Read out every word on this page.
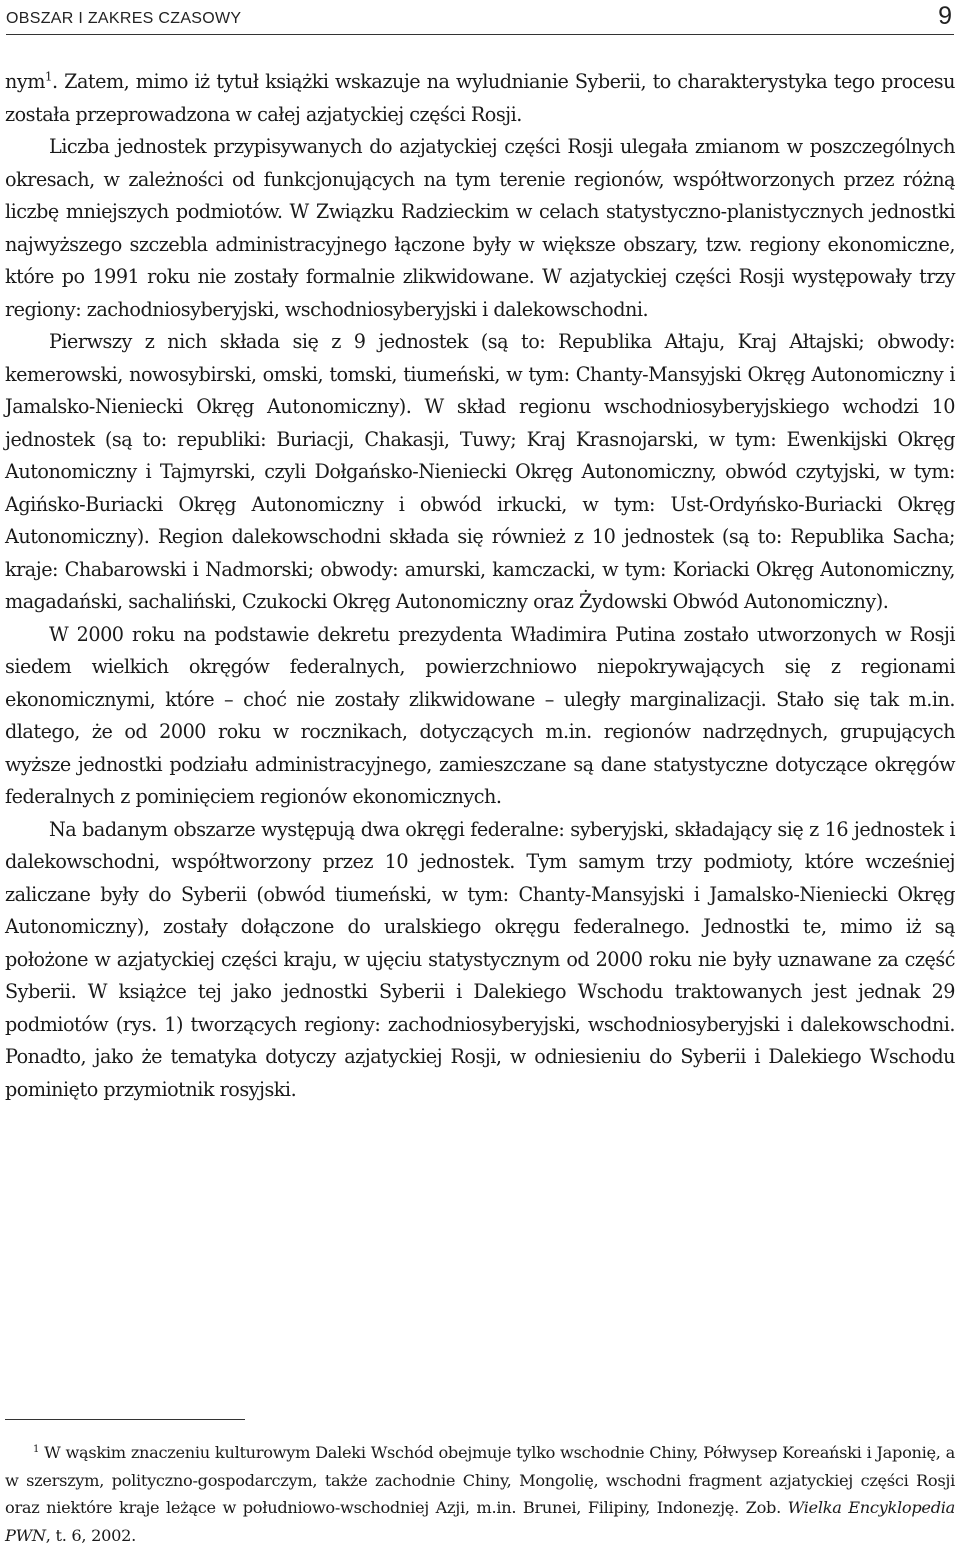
OBSZAR I ZAKRES CZASOWY	9

nym$^1$. Zatem, mimo iż tytuł książki wskazuje na wyludnianie Syberii, to charakterystyka tego procesu została przeprowadzona w całej azjatyckiej części Rosji.

Liczba jednostek przypisywanych do azjatyckiej części Rosji ulegała zmianom w poszczególnych okresach, w zależności od funkcjonujących na tym terenie regionów, współtworzonych przez różną liczbę mniejszych podmiotów. W Związku Radzieckim w celach statystyczno-planistycznych jednostki najwyższego szczebla administracyjnego łączone były w większe obszary, tzw. regiony ekonomiczne, które po 1991 roku nie zostały formalnie zlikwidowane. W azjatyckiej części Rosji występowały trzy regiony: zachodniosyberyjski, wschodniosyberyjski i dalekowschodni.

Pierwszy z nich składa się z 9 jednostek (są to: Republika Ałtaju, Kraj Ałtajski; obwody: kemerowski, nowosybirski, omski, tomski, tiumeński, w tym: Chanty-Mansyjski Okręg Autonomiczny i Jamalsko-Nieniecki Okręg Autonomiczny). W skład regionu wschodniosyberyjskiego wchodzi 10 jednostek (są to: republiki: Buriacji, Chakasji, Tuwy; Kraj Krasnojarski, w tym: Ewenkijski Okręg Autonomiczny i Tajmyrski, czyli Dołgańsko-Nieniecki Okręg Autonomiczny, obwód czytyjski, w tym: Agińsko-Buriacki Okręg Autonomiczny i obwód irkucki, w tym: Ust-Ordyńsko-Buriacki Okręg Autonomiczny). Region dalekowschodni składa się również z 10 jednostek (są to: Republika Sacha; kraje: Chabarowski i Nadmorski; obwody: amurski, kamczacki, w tym: Koriacki Okręg Autonomiczny, magadański, sachaliński, Czukocki Okręg Autonomiczny oraz Żydowski Obwód Autonomiczny).

W 2000 roku na podstawie dekretu prezydenta Władimira Putina zostało utworzonych w Rosji siedem wielkich okręgów federalnych, powierzchniowo niepokrywających się z regionami ekonomicznymi, które – choć nie zostały zlikwidowane – uległy marginalizacji. Stało się tak m.in. dlatego, że od 2000 roku w rocznikach, dotyczących m.in. regionów nadrzędnych, grupujących wyższe jednostki podziału administracyjnego, zamieszczane są dane statystyczne dotyczące okręgów federalnych z pominięciem regionów ekonomicznych.

Na badanym obszarze występują dwa okręgi federalne: syberyjski, składający się z 16 jednostek i dalekowschodni, współtworzony przez 10 jednostek. Tym samym trzy podmioty, które wcześniej zaliczane były do Syberii (obwód tiumeński, w tym: Chanty-Mansyjski i Jamalsko-Nieniecki Okręg Autonomiczny), zostały dołączone do uralskiego okręgu federalnego. Jednostki te, mimo iż są położone w azjatyckiej części kraju, w ujęciu statystycznym od 2000 roku nie były uznawane za część Syberii. W książce tej jako jednostki Syberii i Dalekiego Wschodu traktowanych jest jednak 29 podmiotów (rys. 1) tworzących regiony: zachodniosyberyjski, wschodniosyberyjski i dalekowschodni. Ponadto, jako że tematyka dotyczy azjatyckiej Rosji, w odniesieniu do Syberii i Dalekiego Wschodu pominięto przymiotnik rosyjski.

$^1$ W wąskim znaczeniu kulturowym Daleki Wschód obejmuje tylko wschodnie Chiny, Półwysep Koreański i Japonię, a w szerszym, polityczno-gospodarczym, także zachodnie Chiny, Mongolię, wschodni fragment azjatyckiej części Rosji oraz niektóre kraje leżące w południowo-wschodniej Azji, m.in. Brunei, Filipiny, Indonezję. Zob. Wielka Encyklopedia PWN, t. 6, 2002.
